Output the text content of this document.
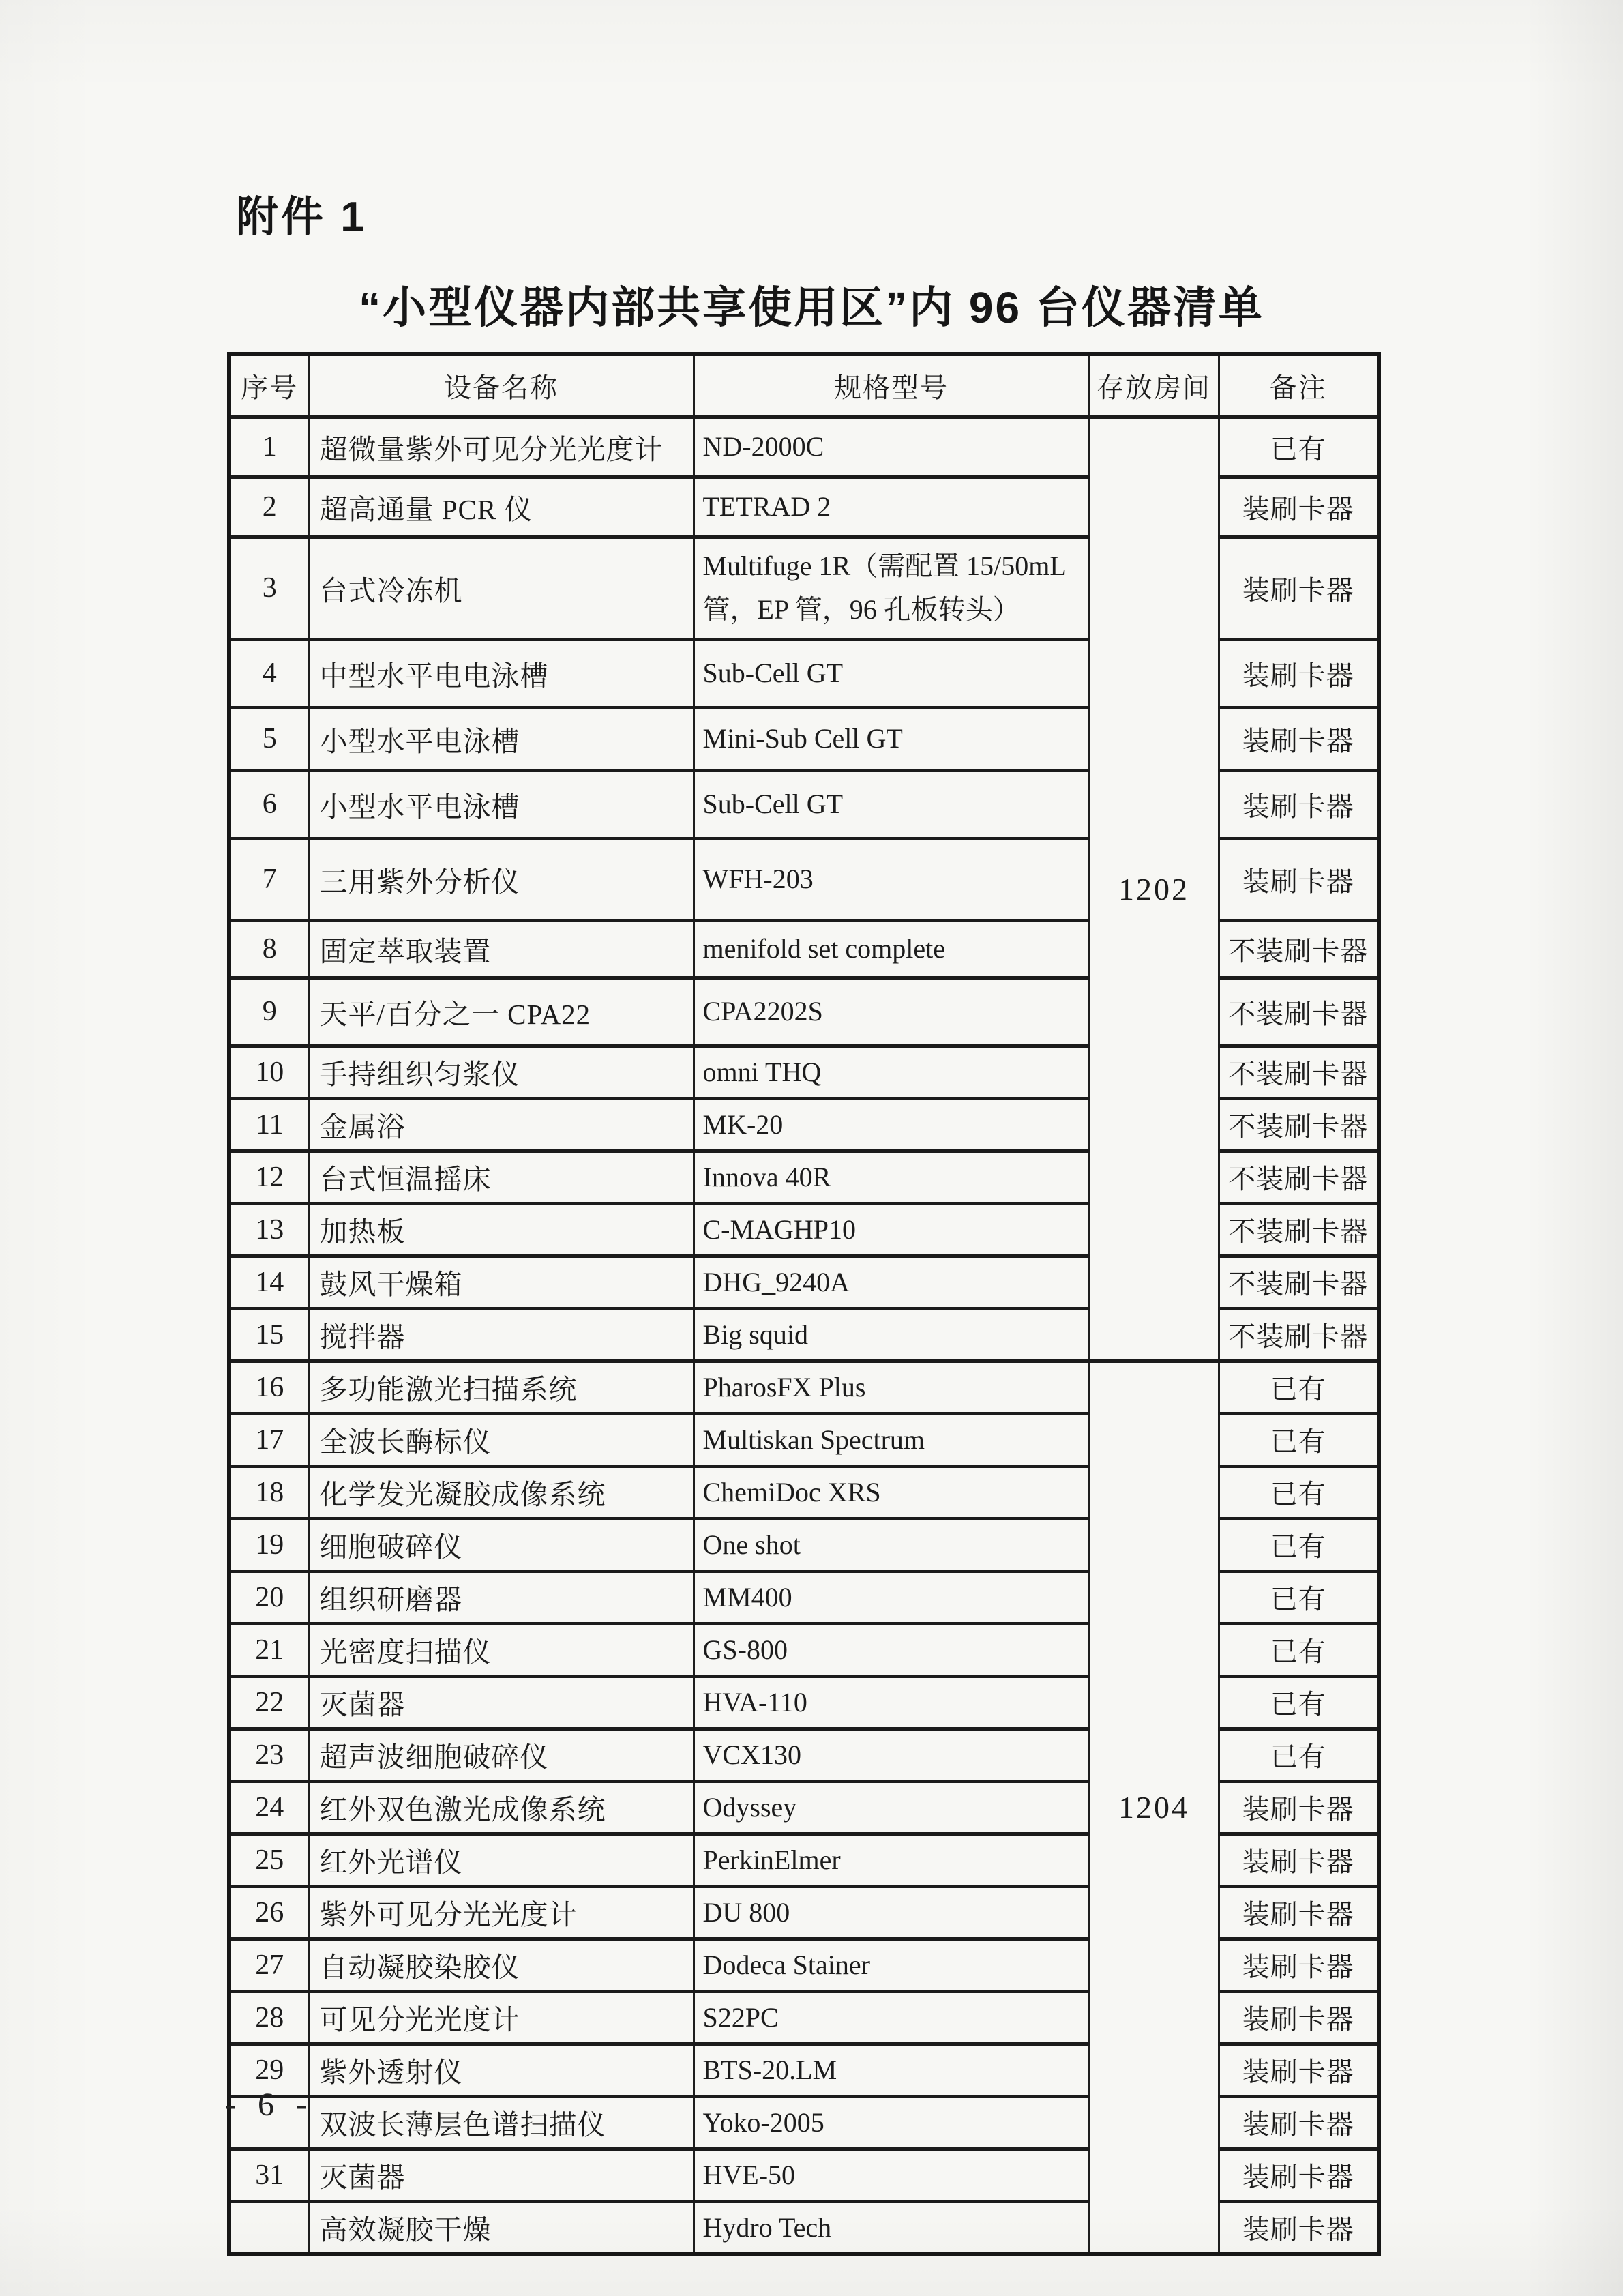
附件 1
“小型仪器内部共享使用区”内 96 台仪器清单
序号	设备名称	规格型号	存放房间	备注
1	超微量紫外可见分光光度计	ND-2000C	1202	已有
2	超高通量 PCR 仪	TETRAD 2		装刷卡器
3	台式冷冻机	Multifuge 1R（需配置 15/50mL 管，EP 管，96 孔板转头）		装刷卡器
4	中型水平电电泳槽	Sub-Cell GT		装刷卡器
5	小型水平电泳槽	Mini-Sub Cell GT		装刷卡器
6	小型水平电泳槽	Sub-Cell GT		装刷卡器
7	三用紫外分析仪	WFH-203		装刷卡器
8	固定萃取装置	menifold set complete		不装刷卡器
9	天平/百分之一 CPA22	CPA2202S		不装刷卡器
10	手持组织匀浆仪	omni THQ		不装刷卡器
11	金属浴	MK-20		不装刷卡器
12	台式恒温摇床	Innova 40R		不装刷卡器
13	加热板	C-MAGHP10		不装刷卡器
14	鼓风干燥箱	DHG_9240A		不装刷卡器
15	搅拌器	Big squid		不装刷卡器
16	多功能激光扫描系统	PharosFX Plus	1204	已有
17	全波长酶标仪	Multiskan Spectrum		已有
18	化学发光凝胶成像系统	ChemiDoc XRS		已有
19	细胞破碎仪	One shot		已有
20	组织研磨器	MM400		已有
21	光密度扫描仪	GS-800		已有
22	灭菌器	HVA-110		已有
23	超声波细胞破碎仪	VCX130		已有
24	红外双色激光成像系统	Odyssey		装刷卡器
25	红外光谱仪	PerkinElmer		装刷卡器
26	紫外可见分光光度计	DU 800		装刷卡器
27	自动凝胶染胶仪	Dodeca Stainer		装刷卡器
28	可见分光光度计	S22PC		装刷卡器
29	紫外透射仪	BTS-20.LM		装刷卡器
	双波长薄层色谱扫描仪	Yoko-2005		装刷卡器
31	灭菌器	HVE-50		装刷卡器
	高效凝胶干燥	Hydro Tech		装刷卡器
- 6 -
